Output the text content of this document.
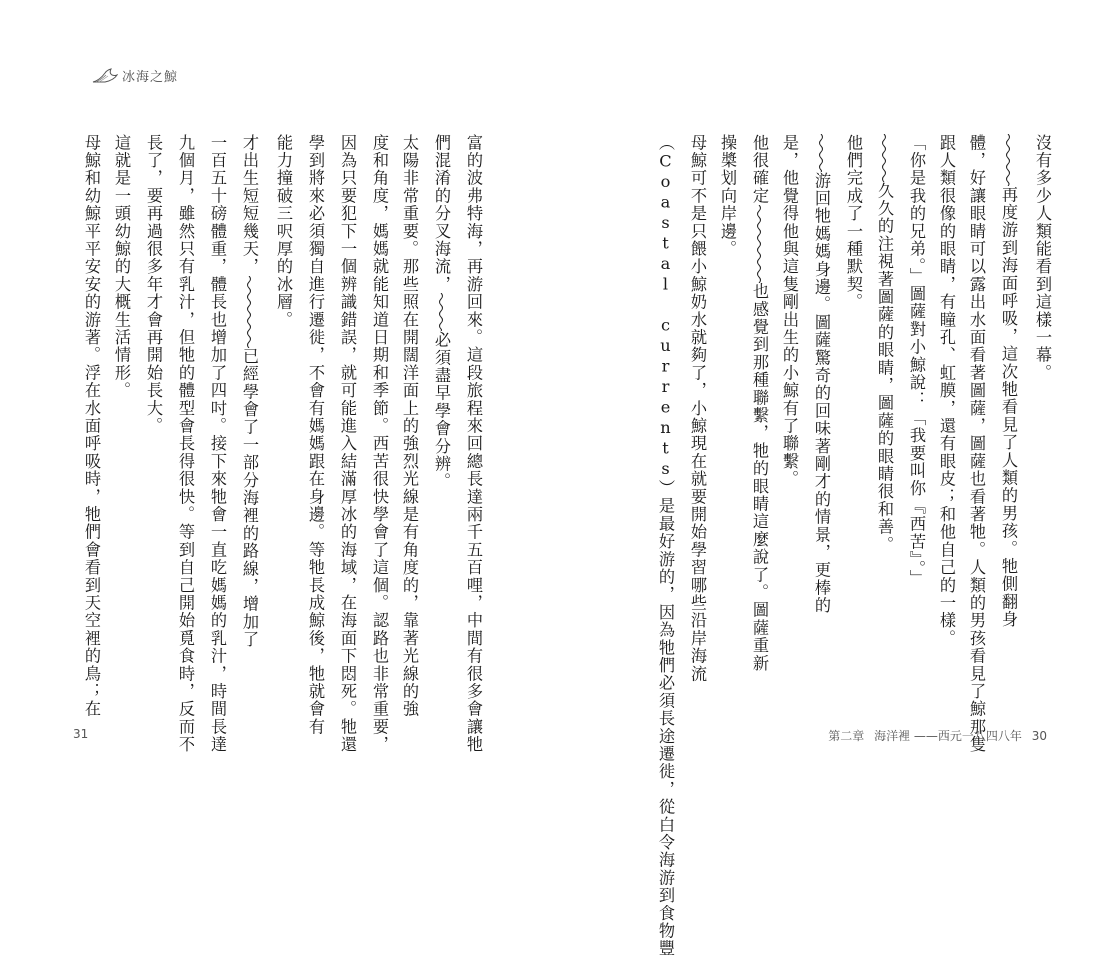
冰海之鯨
沒有多少人類能看到這樣一幕。
再度游到海面呼吸，這次牠看見了人類的男孩。牠側翻身
體，好讓眼睛可以露出水面看著圖薩，圖薩也看著牠。人類的男孩看見了鯨那隻
跟人類很像的眼睛，有瞳孔、虹膜，還有眼皮；和他自己的一樣。
「你是我的兄弟。」圖薩對小鯨說：「我要叫你『西苦』。」
久久的注視著圖薩的眼睛，圖薩的眼睛很和善。
他們完成了一種默契。
游回牠媽媽身邊。圖薩驚奇的回味著剛才的情景，更棒的
是，他覺得他與這隻剛出生的小鯨有了聯繫。
他很確定
也感覺到那種聯繫，牠的眼睛這麼說了。圖薩重新
操槳划向岸邊。
母鯨可不是只餵小鯨奶水就夠了，小鯨現在就要開始學習哪些沿岸海流
（Coastal currents）是最好游的，因為牠們必須長途遷徙，從白令海游到食物豐
富的波弗特海，再游回來。這段旅程來回總長達兩千五百哩，中間有很多會讓牠
們混淆的分叉海流，
必須盡早學會分辨。
太陽非常重要。那些照在開闊洋面上的強烈光線是有角度的，靠著光線的強
度和角度，媽媽就能知道日期和季節。西苦很快學會了這個。認路也非常重要，
因為只要犯下一個辨識錯誤，就可能進入結滿厚冰的海域，在海面下悶死。牠還
學到將來必須獨自進行遷徙，不會有媽媽跟在身邊。等牠長成鯨後，牠就會有
能力撞破三呎厚的冰層。
才出生短短幾天，
已經學會了一部分海裡的路線，增加了
一百五十磅體重，體長也增加了四吋。接下來牠會一直吃媽媽的乳汁，時間長達
九個月，雖然只有乳汁，但牠的體型會長得很快。等到自己開始覓食時，反而不
長了，要再過很多年才會再開始長大。
這就是一頭幼鯨的大概生活情形。
母鯨和幼鯨平平安安的游著。浮在水面呼吸時，牠們會看到天空裡的鳥；在
31	第二章 海洋裡 ——西元一八四八年 30
